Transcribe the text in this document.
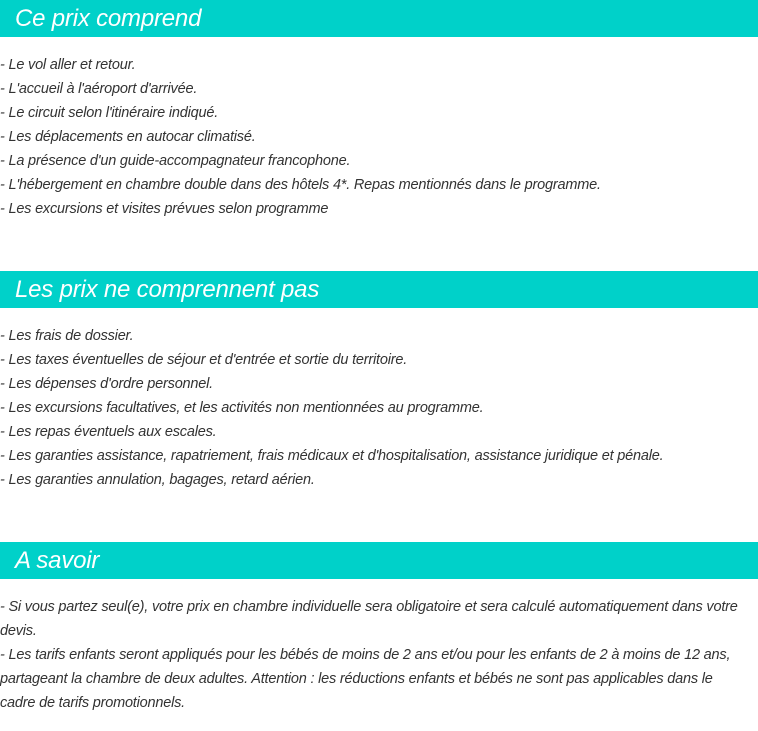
Ce prix comprend
- Le vol aller et retour.
- L'accueil à l'aéroport d'arrivée.
- Le circuit selon l'itinéraire indiqué.
- Les déplacements en autocar climatisé.
- La présence d'un guide-accompagnateur francophone.
- L'hébergement en chambre double dans des hôtels 4*. Repas mentionnés dans le programme.
- Les excursions et visites prévues selon programme
Les prix ne comprennent pas
- Les frais de dossier.
- Les taxes éventuelles de séjour et d'entrée et sortie du territoire.
- Les dépenses d'ordre personnel.
- Les excursions facultatives, et les activités non mentionnées au programme.
- Les repas éventuels aux escales.
- Les garanties assistance, rapatriement, frais médicaux et d'hospitalisation, assistance juridique et pénale.
- Les garanties annulation, bagages, retard aérien.
A savoir
- Si vous partez seul(e), votre prix en chambre individuelle sera obligatoire et sera calculé automatiquement dans votre devis.
- Les tarifs enfants seront appliqués pour les bébés de moins de 2 ans et/ou pour les enfants de 2 à moins de 12 ans, partageant la chambre de deux adultes. Attention : les réductions enfants et bébés ne sont pas applicables dans le cadre de tarifs promotionnels.
